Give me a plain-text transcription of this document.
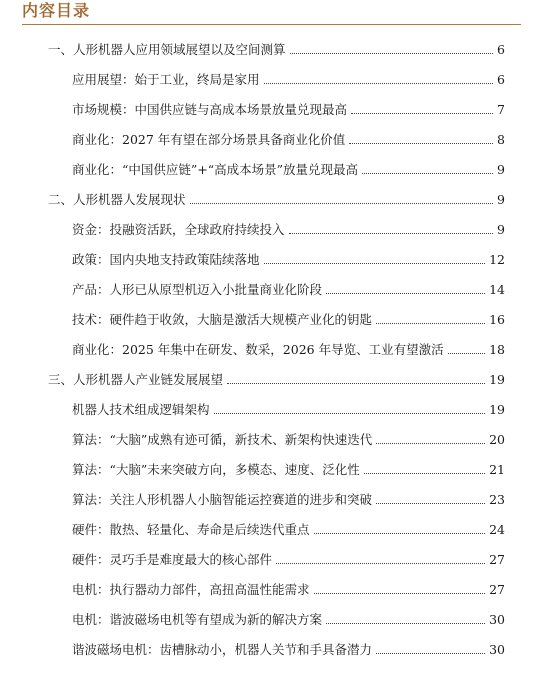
内容目录
一、人形机器人应用领域展望以及空间测算	6
应用展望：始于工业，终局是家用	6
市场规模：中国供应链与高成本场景放量兑现最高	7
商业化：2027 年有望在部分场景具备商业化价值	8
商业化：“中国供应链”+“高成本场景”放量兑现最高	9
二、人形机器人发展现状	9
资金：投融资活跃，全球政府持续投入	9
政策：国内央地支持政策陆续落地	12
产品：人形已从原型机迈入小批量商业化阶段	14
技术：硬件趋于收敛，大脑是激活大规模产业化的钥匙	16
商业化：2025 年集中在研发、数采，2026 年导览、工业有望激活	18
三、人形机器人产业链发展展望	19
机器人技术组成逻辑架构	19
算法：“大脑”成熟有迹可循，新技术、新架构快速迭代	20
算法：“大脑”未来突破方向，多模态、速度、泛化性	21
算法：关注人形机器人小脑智能运控赛道的进步和突破	23
硬件：散热、轻量化、寿命是后续迭代重点	24
硬件：灵巧手是难度最大的核心部件	27
电机：执行器动力部件，高扭高温性能需求	27
电机：谐波磁场电机等有望成为新的解决方案	30
谐波磁场电机：齿槽脉动小，机器人关节和手具备潜力	30
